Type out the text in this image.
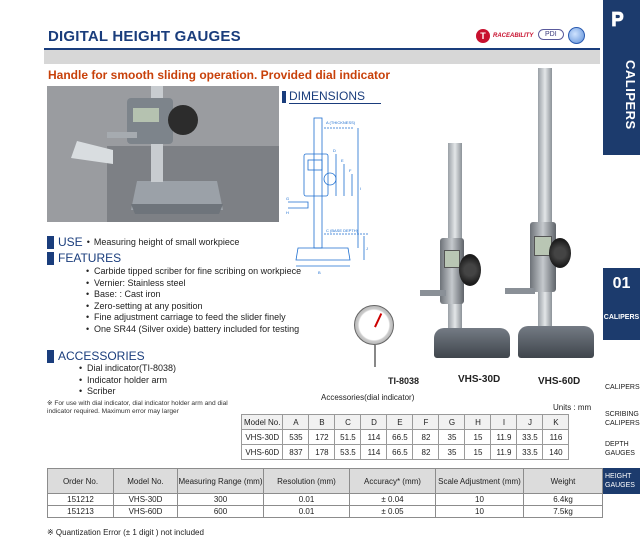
DIGITAL HEIGHT GAUGES	T	RACEABILITY	PDI
Handle for smooth sliding operation. Provided dial indicator
DIMENSIONS
A (THICKNESS)
C (BASE DEPTH)
B
D
E
F
G
H
I
J
USE • Measuring height of small workpiece
FEATURES
• Carbide tipped scriber for fine scribing on workpiece
• Vernier: Stainless steel
• Base: : Cast iron
• Zero-setting at any position
• Fine adjustment carriage to feed the slider finely
• One SR44 (Silver oxide) battery included for testing
ACCESSORIES
• Dial indicator(TI-8038)
• Indicator holder arm
• Scriber
※ For use with dial indicator, dial indicator holder arm and dial indicator required. Maximum error may larger
TI-8038
Accessories(dial indicator)
VHS-30D	VHS-60D
Units : mm
Model No.	A	B	C	D	E	F	G	H	I	J	K
VHS-30D	535	172	51.5	114	66.5	82	35	15	11.9	33.5	116
VHS-60D	837	178	53.5	114	66.5	82	35	15	11.9	33.5	140
Order No.	Model No.	Measuring Range (mm)	Resolution (mm)	Accuracy* (mm)	Scale Adjustment (mm)	Weight
151212	VHS-30D	300	0.01	± 0.04	10	6.4kg
151213	VHS-60D	600	0.01	± 0.05	10	7.5kg
※ Quantization Error (± 1 digit ) not included
𝐏
CALIPERS
01
CALIPERS
CALIPERS
SCRIBING CALIPERS
DEPTH GAUGES
HEIGHT GAUGES
